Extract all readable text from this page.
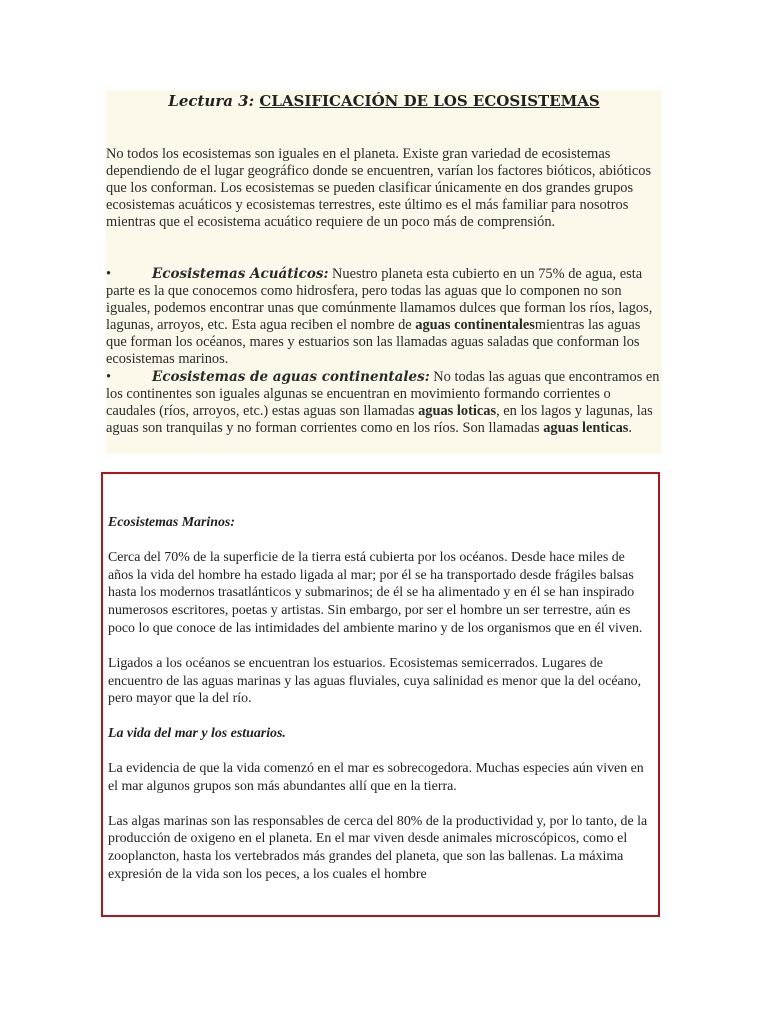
Lectura 3: CLASIFICACIÓN DE LOS ECOSISTEMAS

No todos los ecosistemas son iguales en el planeta. Existe gran variedad de ecosistemas dependiendo de el lugar geográfico donde se encuentren, varían los factores bióticos, abióticos que los conforman. Los ecosistemas se pueden clasificar únicamente en dos grandes grupos ecosistemas acuáticos y ecosistemas terrestres, este último es el más familiar para nosotros mientras que el ecosistema acuático requiere de un poco más de comprensión.

•	Ecosistemas Acuáticos: Nuestro planeta esta cubierto en un 75% de agua, esta parte es la que conocemos como hidrosfera, pero todas las aguas que lo componen no son iguales, podemos encontrar unas que comúnmente llamamos dulces que forman los ríos, lagos, lagunas, arroyos, etc. Esta agua reciben el nombre de aguas continentalesmientras las aguas que forman los océanos, mares y estuarios son las llamadas aguas saladas que conforman los ecosistemas marinos.

•	Ecosistemas de aguas continentales: No todas las aguas que encontramos en los continentes son iguales algunas se encuentran en movimiento formando corrientes o caudales (ríos, arroyos, etc.) estas aguas son llamadas aguas loticas, en los lagos y lagunas, las aguas son tranquilas y no forman corrientes como en los ríos. Son llamadas aguas lenticas.

Ecosistemas Marinos:

Cerca del 70% de la superficie de la tierra está cubierta por los océanos. Desde hace miles de años la vida del hombre ha estado ligada al mar; por él se ha transportado desde frágiles balsas hasta los modernos trasatlánticos y submarinos; de él se ha alimentado y en él se han inspirado numerosos escritores, poetas y artistas. Sin embargo, por ser el hombre un ser terrestre, aún es poco lo que conoce de las intimidades del ambiente marino y de los organismos que en él viven.

Ligados a los océanos se encuentran los estuarios. Ecosistemas semicerrados. Lugares de encuentro de las aguas marinas y las aguas fluviales, cuya salinidad es menor que la del océano, pero mayor que la del río.

La vida del mar y los estuarios.

La evidencia de que la vida comenzó en el mar es sobrecogedora. Muchas especies aún viven en el mar algunos grupos son más abundantes allí que en la tierra.

Las algas marinas son las responsables de cerca del 80% de la productividad y, por lo tanto, de la producción de oxigeno en el planeta. En el mar viven desde animales microscópicos, como el zooplancton, hasta los vertebrados más grandes del planeta, que son las ballenas. La máxima expresión de la vida son los peces, a los cuales el hombre
